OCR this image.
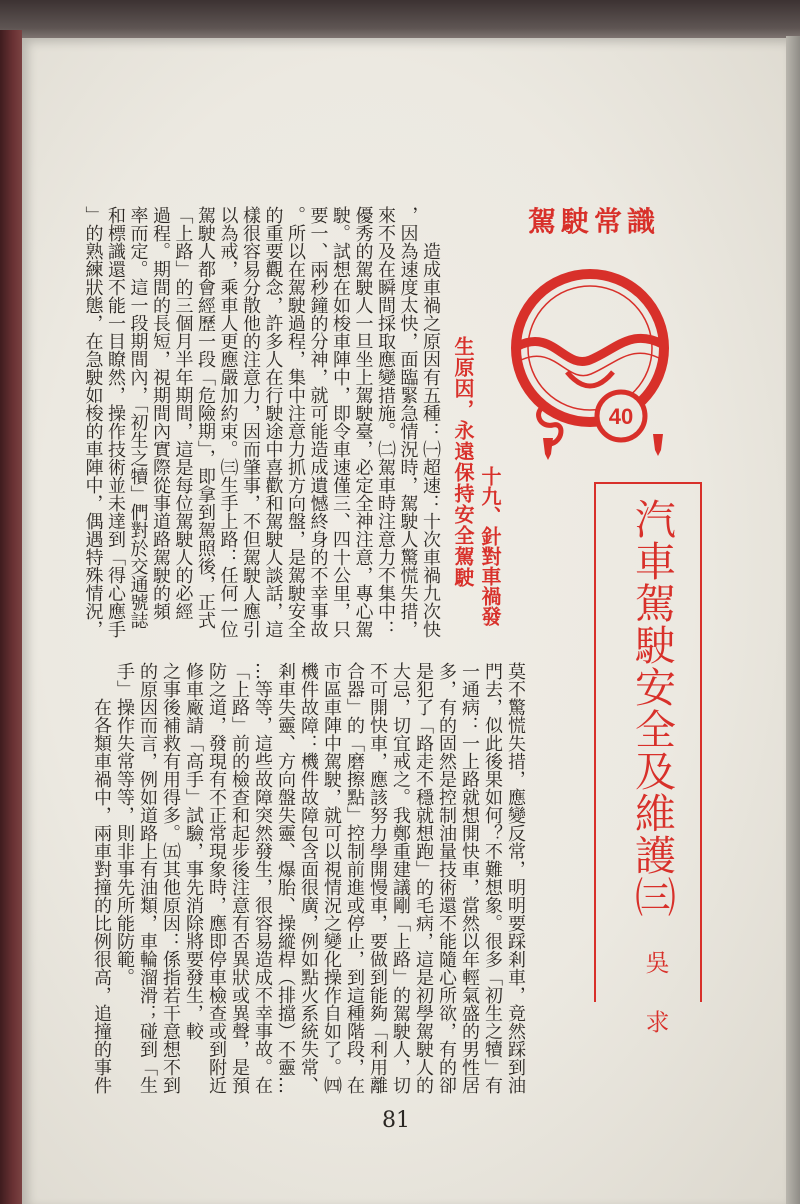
駕駛常識
40
十九、針對車禍發
生原因，永遠保持安全駕駛
汽車駕駛安全及維護㈢
吳 求
造成車禍之原因有五種：㈠超速：十次車禍九次快
，因為速度太快，面臨緊急情況時，駕駛人驚慌失措，
來不及在瞬間採取應變措施。㈡駕車時注意力不集中：
優秀的駕駛人一旦坐上駕駛臺，必定全神注意，專心駕
駛。試想在如梭車陣中，即令車速僅三、四十公里，只
要一、兩秒鐘的分神，就可能造成遺憾終身的不幸事故
。所以在駕駛過程，集中注意力抓方向盤，是駕駛安全
的重要觀念，許多人在行駛途中喜歡和駕駛人談話，這
樣很容易分散他的注意力，因而肇事，不但駕駛人應引
以為戒，乘車人更應嚴加約束。㈢生手上路：任何一位
駕駛人都會經歷一段「危險期」，即拿到駕照後，正式
「上路」的三個月半年期間，這是每位駕駛人的必經
過程。期間的長短，視期間內實際從事道路駕駛的頻
率而定。這一段期間內，「初生之犢」們對於交通號誌
和標識還不能一目瞭然，操作技術並未達到「得心應手
」的熟練狀態，在急駛如梭的車陣中，偶遇特殊情況，
莫不驚慌失措，應變反常，明明要踩剎車，竟然踩到油
門去，似此後果如何？不難想象。很多「初生之犢」有
一通病：一上路就想開快車，當然以年輕氣盛的男性居
多，有的固然是控制油量技術還不能隨心所欲，有的卻
是犯了「路走不穩就想跑」的毛病，這是初學駕駛人的
大忌，切宜戒之。我鄭重建議剛「上路」的駕駛人，切
不可開快車，應該努力學開慢車，要做到能夠「利用離
合器」的「磨擦點」控制前進或停止，到這種階段，在
市區車陣中駕駛，就可以視情況之變化操作自如了。㈣
機件故障：機件故障包含面很廣，例如點火系統失常、
剎車失靈、方向盤失靈、爆胎、操縱桿（排擋）不靈…
…等等，這些故障突然發生，很容易造成不幸事故。在
「上路」前的檢查和起步後注意有否異狀或異聲，是預
防之道，發現有不正常現象時，應即停車檢查或到附近
修車廠請「高手」試驗，事先消除將要發生，較
之事後補救有用得多。㈤其他原因：係指若干意想不到
的原因而言，例如道路上有油類，車輪溜滑；碰到「生
手」操作失常等等，則非事先所能防範。
在各類車禍中，兩車對撞的比例很高，追撞的事件
81
